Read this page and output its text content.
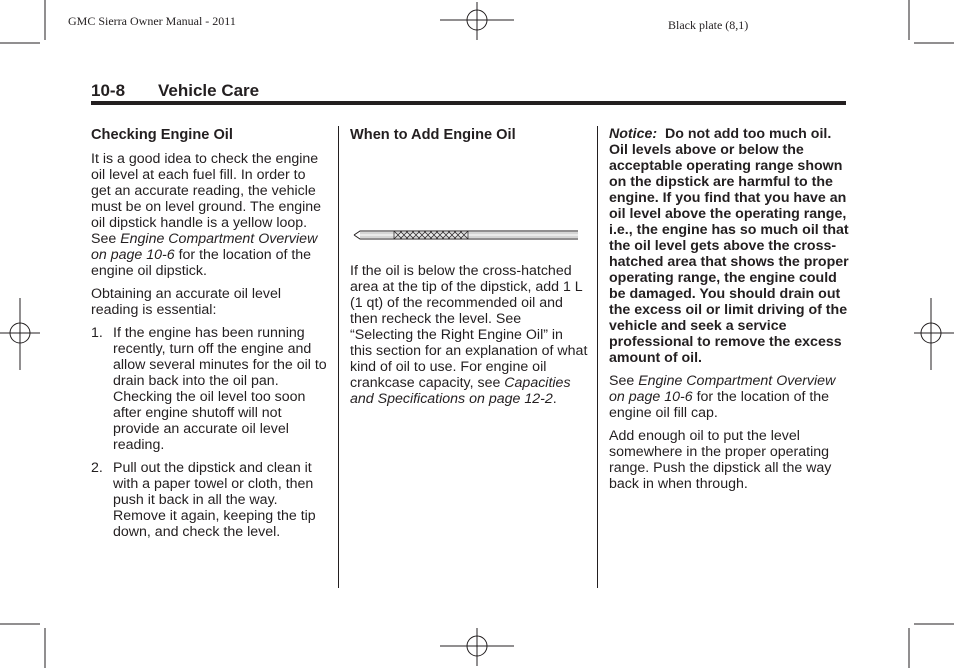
GMC Sierra Owner Manual - 2011	Black plate (8,1)
10-8 Vehicle Care
Checking Engine Oil

It is a good idea to check the engine oil level at each fuel fill. In order to get an accurate reading, the vehicle must be on level ground. The engine oil dipstick handle is a yellow loop. See Engine Compartment Overview on page 10-6 for the location of the engine oil dipstick.

Obtaining an accurate oil level reading is essential:

1. If the engine has been running recently, turn off the engine and allow several minutes for the oil to drain back into the oil pan. Checking the oil level too soon after engine shutoff will not provide an accurate oil level reading.
2. Pull out the dipstick and clean it with a paper towel or cloth, then push it back in all the way. Remove it again, keeping the tip down, and check the level.
When to Add Engine Oil

If the oil is below the cross-hatched area at the tip of the dipstick, add 1 L (1 qt) of the recommended oil and then recheck the level. See “Selecting the Right Engine Oil” in this section for an explanation of what kind of oil to use. For engine oil crankcase capacity, see Capacities and Specifications on page 12-2.

Notice: Do not add too much oil. Oil levels above or below the acceptable operating range shown on the dipstick are harmful to the engine. If you find that you have an oil level above the operating range, i.e., the engine has so much oil that the oil level gets above the cross-hatched area that shows the proper operating range, the engine could be damaged. You should drain out the excess oil or limit driving of the vehicle and seek a service professional to remove the excess amount of oil.

See Engine Compartment Overview on page 10-6 for the location of the engine oil fill cap.

Add enough oil to put the level somewhere in the proper operating range. Push the dipstick all the way back in when through.
